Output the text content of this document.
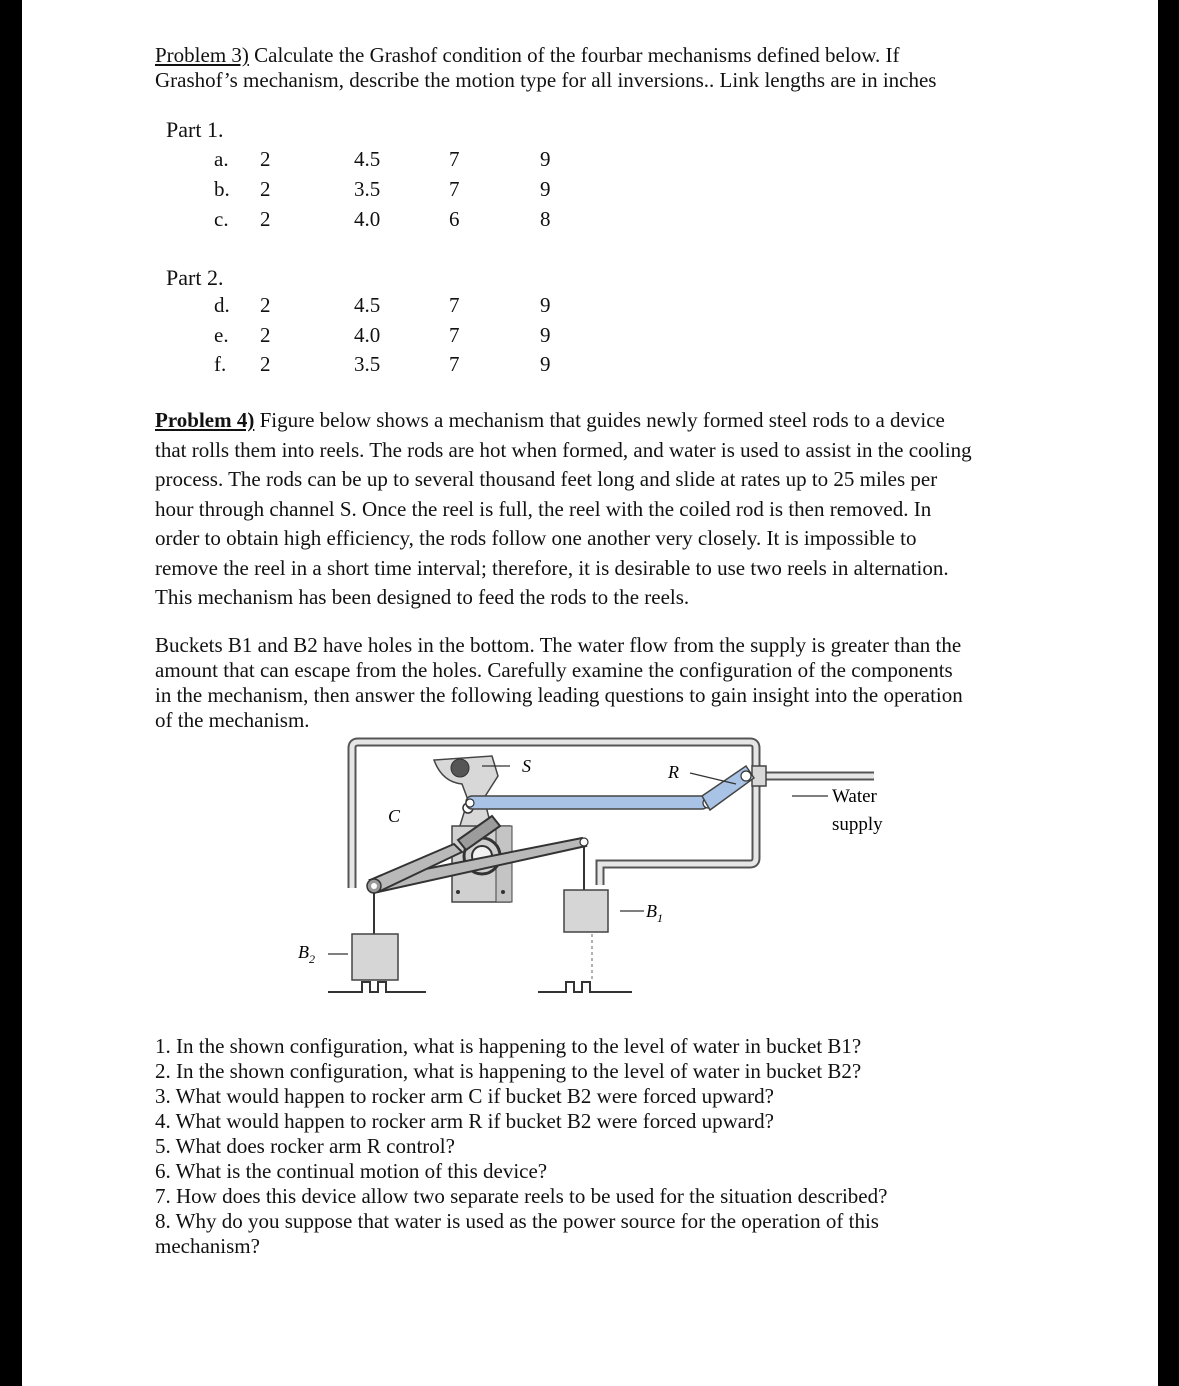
Problem 3) Calculate the Grashof condition of the fourbar mechanisms defined below. If
Grashof’s mechanism, describe the motion type for all inversions.. Link lengths are in inches
Part 1.
a. 2	4.5	7	9
b. 2	3.5	7	9
c. 2	4.0	6	8
Part 2.
d. 2	4.5	7	9
e. 2	4.0	7	9
f. 2	3.5	7	9
Problem 4) Figure below shows a mechanism that guides newly formed steel rods to a device
that rolls them into reels. The rods are hot when formed, and water is used to assist in the cooling
process. The rods can be up to several thousand feet long and slide at rates up to 25 miles per
hour through channel S. Once the reel is full, the reel with the coiled rod is then removed. In
order to obtain high efficiency, the rods follow one another very closely. It is impossible to
remove the reel in a short time interval; therefore, it is desirable to use two reels in alternation.
This mechanism has been designed to feed the rods to the reels.
Buckets B1 and B2 have holes in the bottom. The water flow from the supply is greater than the
amount that can escape from the holes. Carefully examine the configuration of the components
in the mechanism, then answer the following leading questions to gain insight into the operation
of the mechanism.
S	R
C
$B_1$
$B_2$
Water
supply
1. In the shown configuration, what is happening to the level of water in bucket B1?
2. In the shown configuration, what is happening to the level of water in bucket B2?
3. What would happen to rocker arm C if bucket B2 were forced upward?
4. What would happen to rocker arm R if bucket B2 were forced upward?
5. What does rocker arm R control?
6. What is the continual motion of this device?
7. How does this device allow two separate reels to be used for the situation described?
8. Why do you suppose that water is used as the power source for the operation of this
mechanism?
